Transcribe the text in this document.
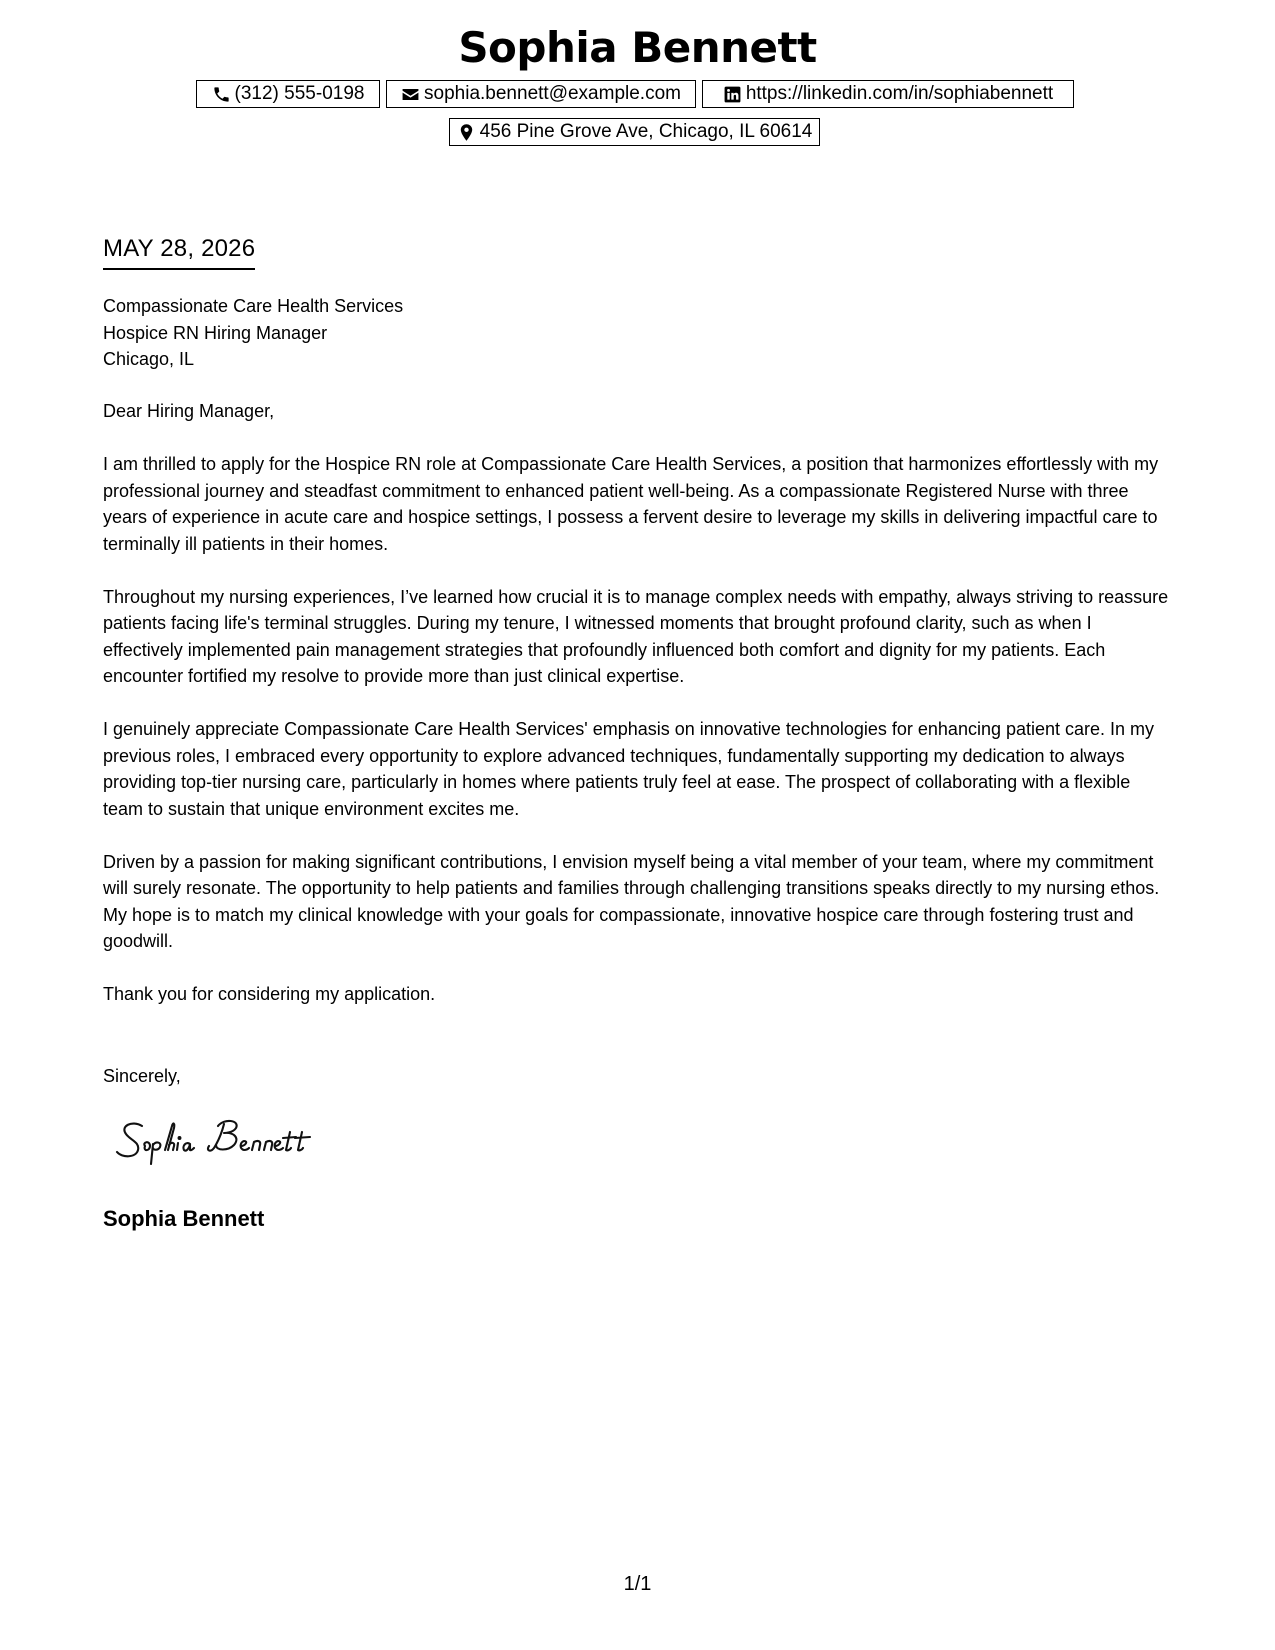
Sophia Bennett
(312) 555-0198	sophia.bennett@example.com	https://linkedin.com/in/sophiabennett
456 Pine Grove Ave, Chicago, IL 60614
MAY 28, 2026
Compassionate Care Health Services
Hospice RN Hiring Manager
Chicago, IL

Dear Hiring Manager,

I am thrilled to apply for the Hospice RN role at Compassionate Care Health Services, a position that harmonizes effortlessly with my professional journey and steadfast commitment to enhanced patient well-being. As a compassionate Registered Nurse with three years of experience in acute care and hospice settings, I possess a fervent desire to leverage my skills in delivering impactful care to terminally ill patients in their homes.

Throughout my nursing experiences, I’ve learned how crucial it is to manage complex needs with empathy, always striving to reassure patients facing life's terminal struggles. During my tenure, I witnessed moments that brought profound clarity, such as when I effectively implemented pain management strategies that profoundly influenced both comfort and dignity for my patients. Each encounter fortified my resolve to provide more than just clinical expertise.

I genuinely appreciate Compassionate Care Health Services' emphasis on innovative technologies for enhancing patient care. In my previous roles, I embraced every opportunity to explore advanced techniques, fundamentally supporting my dedication to always providing top-tier nursing care, particularly in homes where patients truly feel at ease. The prospect of collaborating with a flexible team to sustain that unique environment excites me.

Driven by a passion for making significant contributions, I envision myself being a vital member of your team, where my commitment will surely resonate. The opportunity to help patients and families through challenging transitions speaks directly to my nursing ethos. My hope is to match my clinical knowledge with your goals for compassionate, innovative hospice care through fostering trust and goodwill.

Thank you for considering my application.

Sincerely,
Sophia Bennett
1/1
